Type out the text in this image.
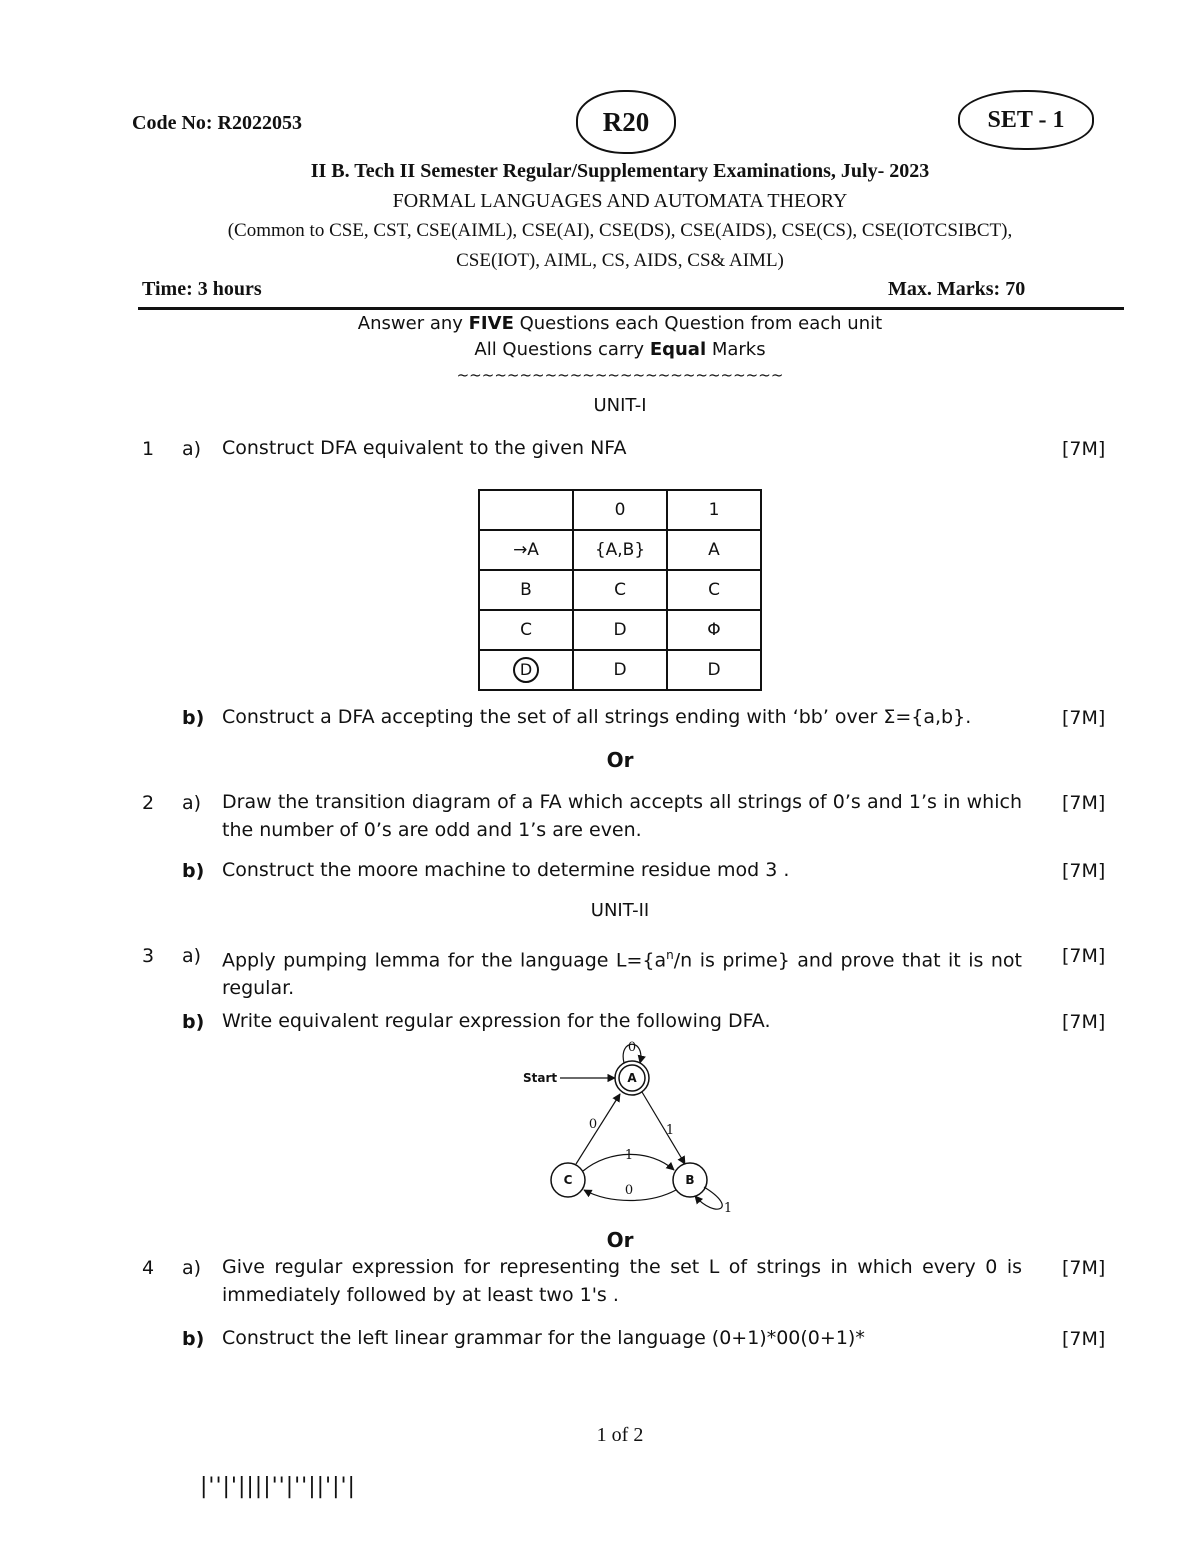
Code No: R2022053	R20	SET - 1
II B. Tech II Semester Regular/Supplementary Examinations, July- 2023
FORMAL LANGUAGES AND AUTOMATA THEORY
(Common to CSE, CST, CSE(AIML), CSE(AI), CSE(DS), CSE(AIDS), CSE(CS), CSE(IOTCSIBCT),
CSE(IOT), AIML, CS, AIDS, CS& AIML)
Time: 3 hours	Max. Marks: 70
Answer any FIVE Questions each Question from each unit
All Questions carry Equal Marks
~~~~~~~~~~~~~~~~~~~~~~~~~~
UNIT-I
1 a) Construct DFA equivalent to the given NFA	[7M]
	0	1
→A	{A,B}	A
B	C	C
C	D	Φ
D	D	D
b) Construct a DFA accepting the set of all strings ending with ‘bb’ over Σ={a,b}.	[7M]
Or
2 a) Draw the transition diagram of a FA which accepts all strings of 0’s and 1’s in which the number of 0’s are odd and 1’s are even.
[7M]
b) Construct the moore machine to determine residue mod 3 .	[7M]
UNIT-II
3 a) Apply pumping lemma for the language $L=\{a^n/n$ is prime} and prove that it is not regular.
[7M]
b) Write equivalent regular expression for the following DFA.	[7M]
Start	A
B
C
0
1
0
1
0
1
Or
4 a) Give regular expression for representing the set L of strings in which every 0 is immediately followed by at least two 1's .
[7M]
b) Construct the left linear grammar for the language (0+1)*00(0+1)*	[7M]
1 of 2
|''|'||||''|''||'|'|
